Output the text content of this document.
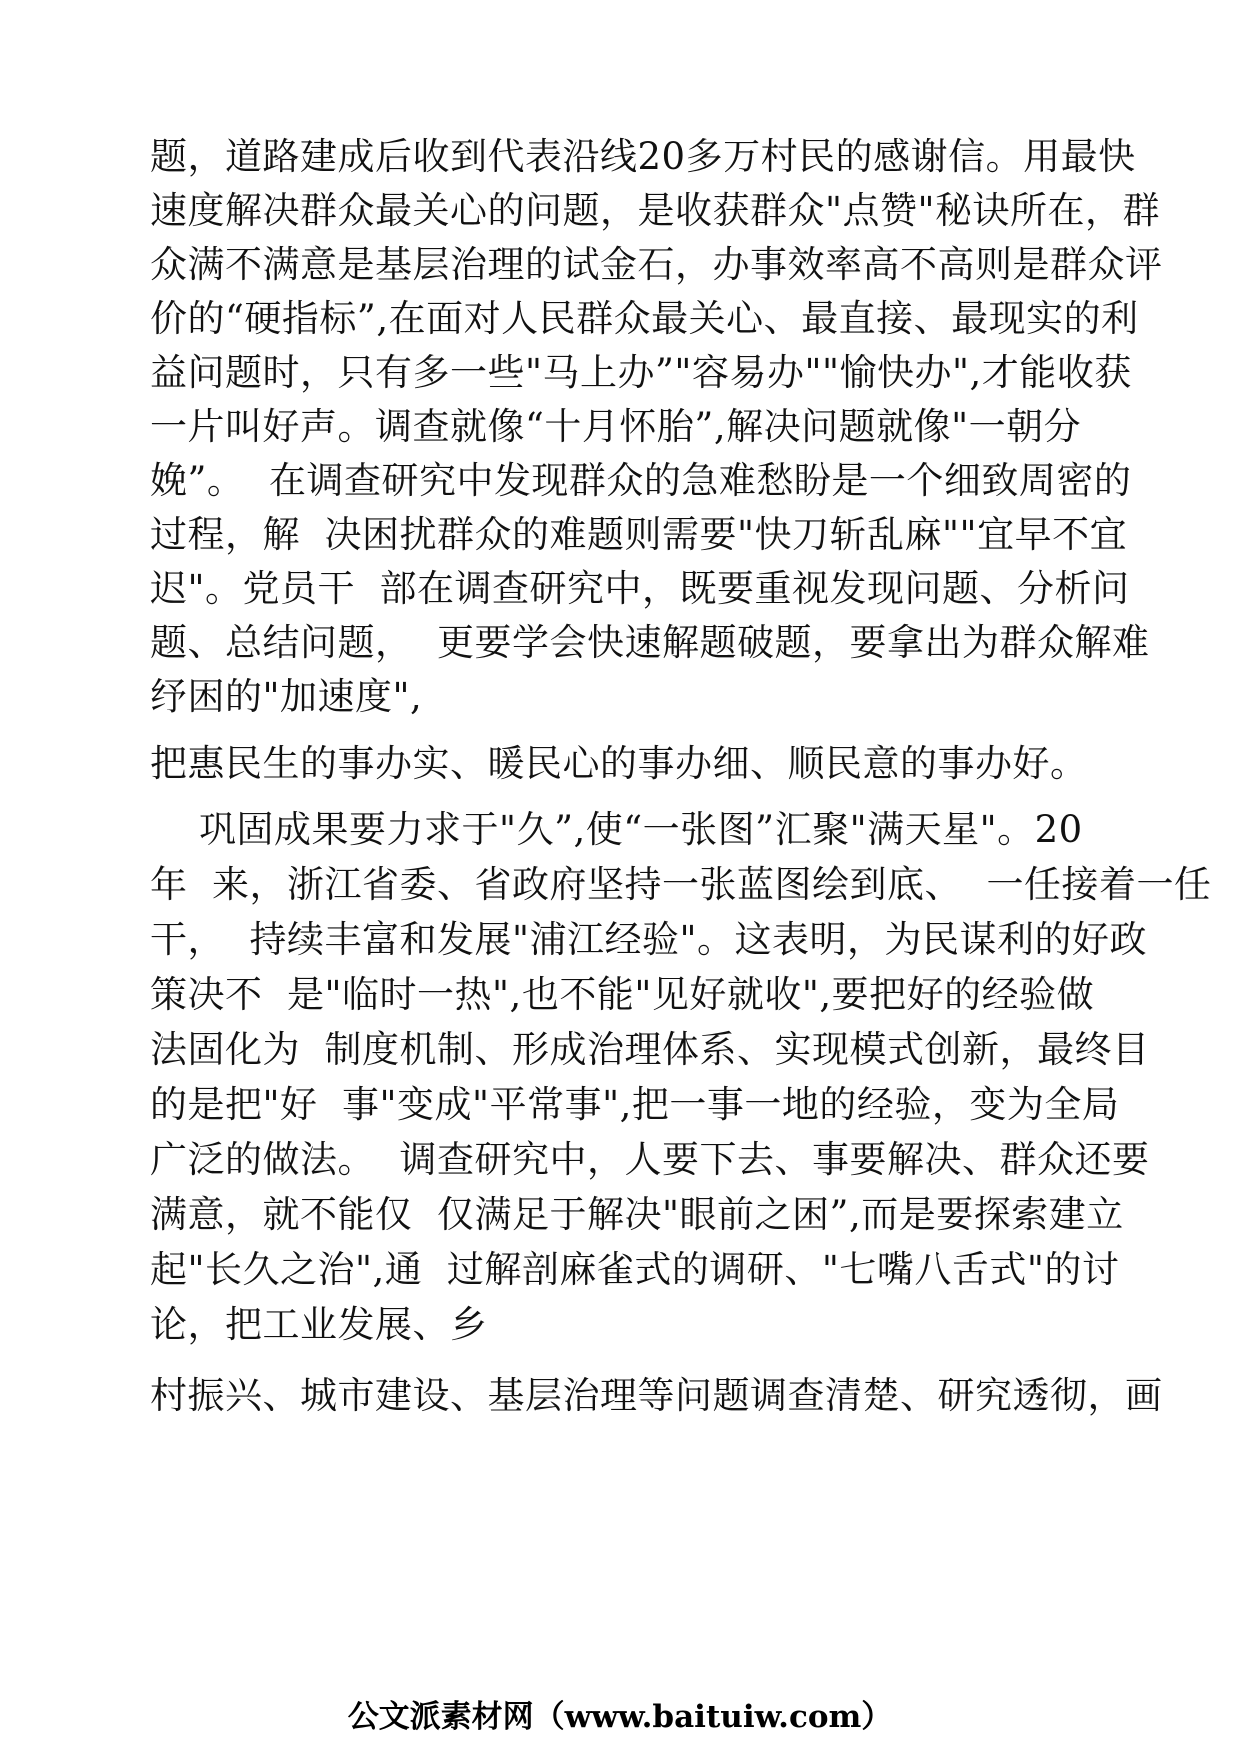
题，道路建成后收到代表沿线20多万村民的感谢信。用最快
速度解决群众最关心的问题，是收获群众"点赞"秘诀所在，群
众满不满意是基层治理的试金石，办事效率高不高则是群众评
价的“硬指标”,在面对人民群众最关心、最直接、最现实的利
益问题时，只有多一些"马上办”"容易办""愉快办",才能收获
一片叫好声。调查就像“十月怀胎”,解决问题就像"一朝分
娩”。  在调查研究中发现群众的急难愁盼是一个细致周密的
过程，解  决困扰群众的难题则需要"快刀斩乱麻""宜早不宜
迟"。党员干  部在调查研究中，既要重视发现问题、分析问
题、总结问题，  更要学会快速解题破题，要拿出为群众解难
纾困的"加速度",
把惠民生的事办实、暖民心的事办细、顺民意的事办好。
巩固成果要力求于"久”,使“一张图”汇聚"满天星"。20
年  来，浙江省委、省政府坚持一张蓝图绘到底、  一任接着一任
干，  持续丰富和发展"浦江经验"。这表明，为民谋利的好政
策决不  是"临时一热",也不能"见好就收",要把好的经验做
法固化为  制度机制、形成治理体系、实现模式创新，最终目
的是把"好  事"变成"平常事",把一事一地的经验，变为全局
广泛的做法。  调查研究中，人要下去、事要解决、群众还要
满意，就不能仅  仅满足于解决"眼前之困”,而是要探索建立
起"长久之治",通  过解剖麻雀式的调研、"七嘴八舌式"的讨
论，把工业发展、乡
村振兴、城市建设、基层治理等问题调查清楚、研究透彻，画
公文派素材网（www.baituiw.com）
